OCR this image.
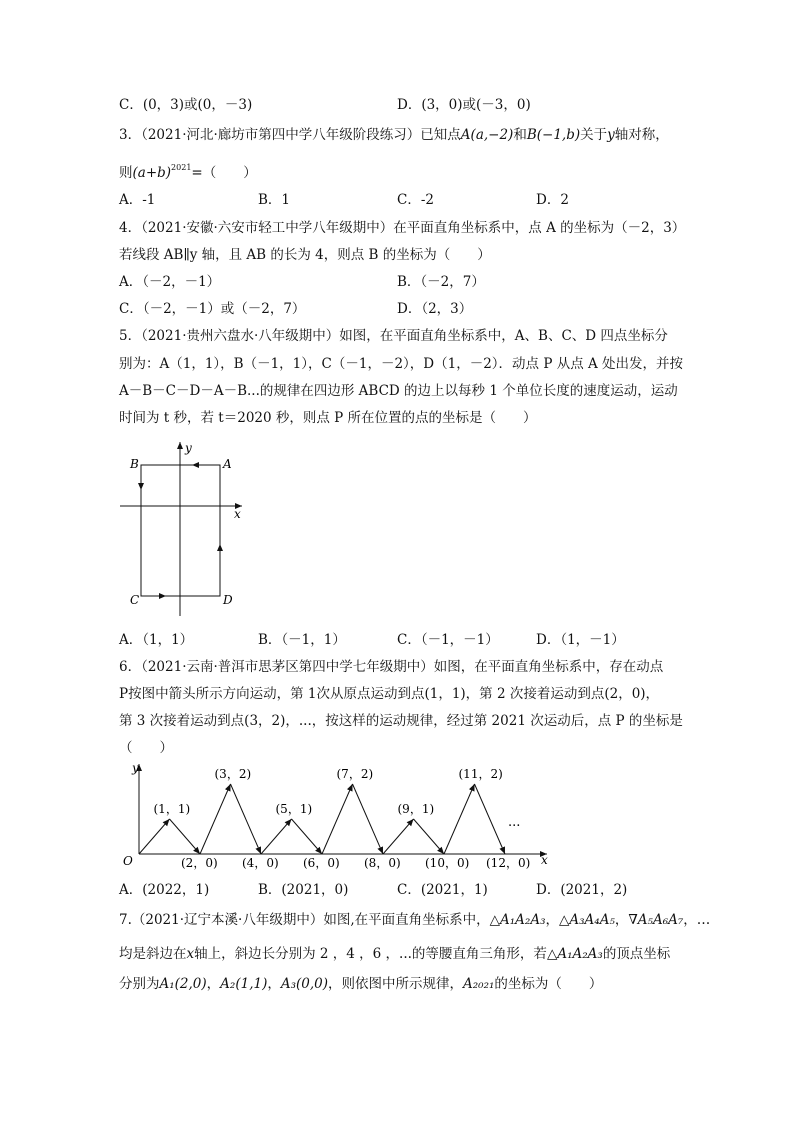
C．(0，3)或(0，－3)	D．(3，0)或(－3，0)
3．（2021·河北·廊坊市第四中学八年级阶段练习）已知点A(a,−2)和B(−1,b)关于y轴对称，
则$(a+b)^{2021}=$（　　）
A．-1	B．1	C．-2	D．2
4．（2021·安徽·六安市轻工中学八年级期中）在平面直角坐标系中，点 A 的坐标为（－2，3）
若线段 AB∥y 轴，且 AB 的长为 4，则点 B 的坐标为（　　）
A．（－2，－1）	B．（－2，7）
C．（－2，－1）或（－2，7）	D．（2，3）
5．（2021·贵州六盘水·八年级期中）如图，在平面直角坐标系中，A、B、C、D 四点坐标分
别为：A（1，1），B（－1，1），C（－1，－2），D（1，－2）．动点 P 从点 A 处出发，并按
A－B－C－D－A－B...的规律在四边形 ABCD 的边上以每秒 1 个单位长度的速度运动，运动
时间为 t 秒，若 t＝2020 秒，则点 P 所在位置的点的坐标是（　　）
y
x
A
B
C	D
A．（1，1）	B．（－1，1）	C．（－1，－1）	D．（1，－1）
6．（2021·云南·普洱市思茅区第四中学七年级期中）如图，在平面直角坐标系中，存在动点
P按图中箭头所示方向运动，第 1次从原点运动到点(1，1)，第 2 次接着运动到点(2，0)，
第 3 次接着运动到点(3，2)，...，按这样的运动规律，经过第 2021 次运动后，点 P 的坐标是
（　　）
(1，1)
(3，2)
(5，1)
(7，2)
(9，1)
(11，2)
(2，0) (4，0) (6，0) (8，0) (10，0) (12，0)
y
x
O
...
A．(2022，1)	B．(2021，0)	C．(2021，1)	D．(2021，2)
7.（2021·辽宁本溪·八年级期中）如图,在平面直角坐标系中，△A₁A₂A₃，△A₃A₄A₅，∇A₅A₆A₇，…
均是斜边在x轴上，斜边长分别为 2 ，4 ，6 ，...的等腰直角三角形，若△A₁A₂A₃的顶点坐标
分别为A₁(2,0)，A₂(1,1)，A₃(0,0)，则依图中所示规律，A₂₀₂₁的坐标为（　　）
